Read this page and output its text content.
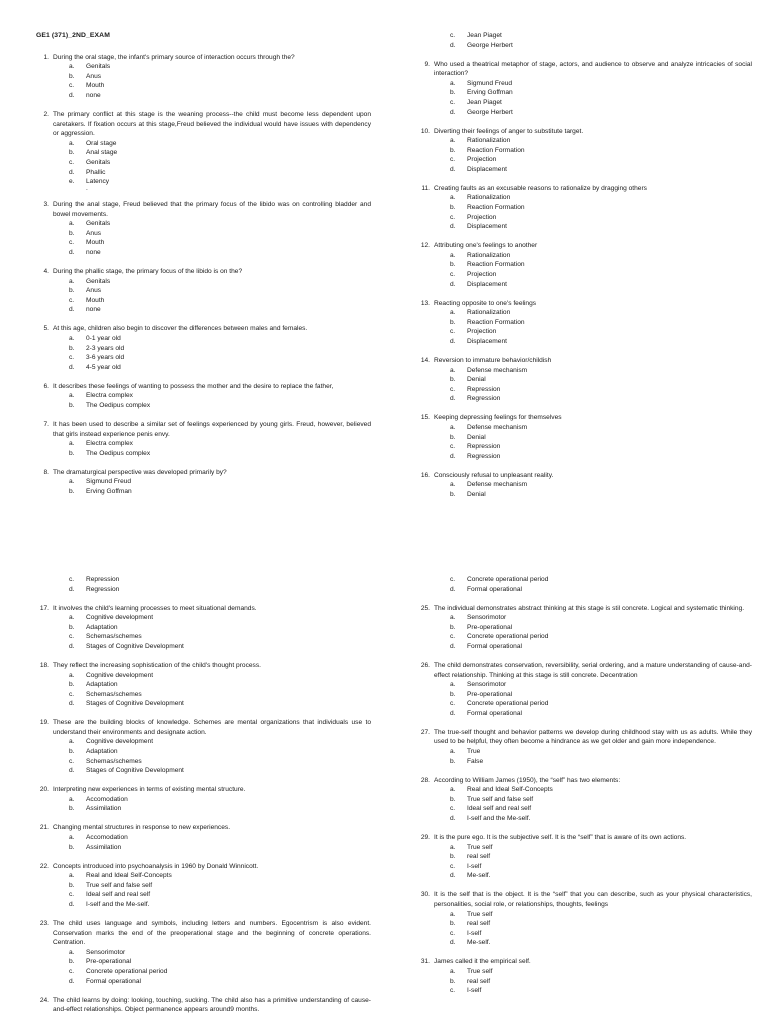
GE1 (371)_2ND_EXAM
1. During the oral stage, the infant's primary source of interaction occurs through the?
a.	Genitals
b.	Anus
c.	Mouth
d.	none
2. The primary conflict at this stage is the weaning process--the child must become less dependent upon caretakers. If fixation occurs at this stage,Freud believed the individual would have issues with dependency or aggression.
a.	Oral stage
b.	Anal stage
c.	Genitals
d.	Phallic
e.	Latency
.
3. During the anal stage, Freud believed that the primary focus of the libido was on controlling bladder and bowel movements.
a.	Genitals
b.	Anus
c.	Mouth
d.	none
4. During the phallic stage, the primary focus of the libido is on the?
a.	Genitals
b.	Anus
c.	Mouth
d.	none
5. At this age, children also begin to discover the differences between males and females.
a.	0-1 year old
b.	2-3 years old
c.	3-6 years old
d.	4-5 year old
6. It describes these feelings of wanting to possess the mother and the desire to replace the father,
a.	Electra complex
b.	The Oedipus complex
7. It has been used to describe a similar set of feelings experienced by young girls. Freud, however, believed that girls instead experience penis envy.
a.	Electra complex
b.	The Oedipus complex
8. The dramaturgical perspective was developed primarily by?
a.	Sigmund Freud
b.	Erving Goffman
c.	Jean Piaget
d.	George Herbert
9. Who used a theatrical metaphor of stage, actors, and audience to observe and analyze intricacies of social interaction?
a.	Sigmund Freud
b.	Erving Goffman
c.	Jean Piaget
d.	George Herbert
10. Diverting their feelings of anger to substitute target.
a.	Rationalization
b.	Reaction Formation
c.	Projection
d.	Displacement
11. Creating faults as an excusable reasons to rationalize by dragging others
a.	Rationalization
b.	Reaction Formation
c.	Projection
d.	Displacement
12. Attributing one's feelings to another
a.	Rationalization
b.	Reaction Formation
c.	Projection
d.	Displacement
13. Reacting opposite to one's feelings
a.	Rationalization
b.	Reaction Formation
c.	Projection
d.	Displacement
14. Reversion to immature behavior/childish
a.	Defense mechanism
b.	Denial
c.	Repression
d.	Regression
15. Keeping depressing feelings for themselves
a.	Defense mechanism
b.	Denial
c.	Repression
d.	Regression
16. Consciously refusal to unpleasant reality.
a.	Defense mechanism
b.	Denial
c.	Repression
d.	Regression
17. It involves the child's learning processes to meet situational demands.
a.	Cognitive development
b.	Adaptation
c.	Schemas/schemes
d.	Stages of Cognitive Development
18. They reflect the increasing sophistication of the child's thought process.
a.	Cognitive development
b.	Adaptation
c.	Schemas/schemes
d.	Stages of Cognitive Development
19. These are the building blocks of knowledge. Schemes are mental organizations that individuals use to understand their environments and designate action.
a.	Cognitive development
b.	Adaptation
c.	Schemas/schemes
d.	Stages of Cognitive Development
20. Interpreting new experiences in terms of existing mental structure.
a.	Accomodation
b.	Assimilation
21. Changing mental structures in response to new experiences.
a.	Accomodation
b.	Assimilation
22. Concepts introduced into psychoanalysis in 1960 by Donald Winnicott.
a.	Real and Ideal Self-Concepts
b.	True self and false self
c.	Ideal self and real self
d.	I-self and the Me-self.
23. The child uses language and symbols, including letters and numbers. Egocentrism is also evident. Conservation marks the end of the preoperational stage and the beginning of concrete operations. Centration.
a.	Sensorimotor
b.	Pre-operational
c.	Concrete operational period
d.	Formal operational
24. The child learns by doing: looking, touching, sucking. The child also has a primitive understanding of cause-and-effect relationships. Object permanence appears around9 months.
c.	Concrete operational period
d.	Formal operational
25. The individual demonstrates abstract thinking at this stage is stil concrete. Logical and systematic thinking.
a.	Sensorimotor
b.	Pre-operational
c.	Concrete operational period
d.	Formal operational
26. The child demonstrates conservation, reversibility, serial ordering, and a mature understanding of cause-and-effect relationship. Thinking at this stage is still concrete. Decentration
a.	Sensorimotor
b.	Pre-operational
c.	Concrete operational period
d.	Formal operational
27. The true-self thought and behavior patterns we develop during childhood stay with us as adults. While they used to be helpful, they often become a hindrance as we get older and gain more independence.
a.	True
b.	False
28. According to William James (1950), the “self” has two elements:
a.	Real and Ideal Self-Concepts
b.	True self and false self
c.	Ideal self and real self
d.	I-self and the Me-self.
29. It is the pure ego. It is the subjective self. It is the “self” that is aware of its own actions.
a.	True self
b.	real self
c.	I-self
d.	Me-self.
30. It is the self that is the object. It is the “self” that you can describe, such as your physical characteristics, personalities, social role, or relationships, thoughts, feelings
a.	True self
b.	real self
c.	I-self
d.	Me-self.
31. James called it the empirical self.
a.	True self
b.	real self
c.	I-self
